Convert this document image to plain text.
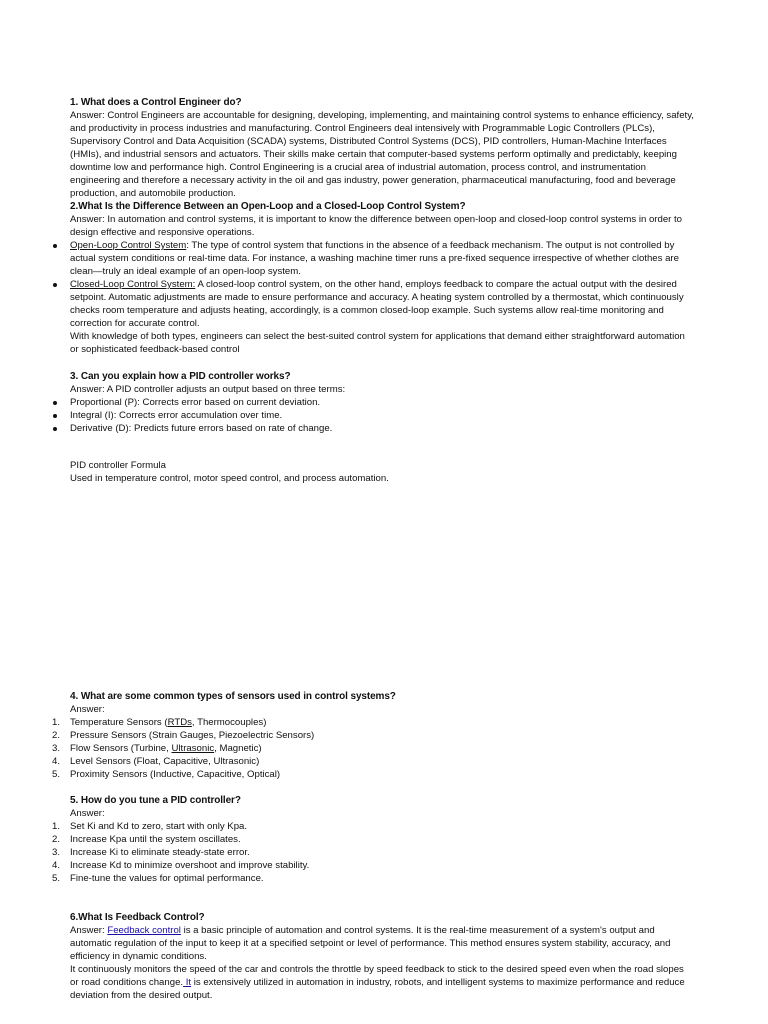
1. What does a Control Engineer do?

Answer: Control Engineers are accountable for designing, developing, implementing, and maintaining control systems to enhance efficiency, safety, and productivity in process industries and manufacturing. Control Engineers deal intensively with Programmable Logic Controllers (PLCs), Supervisory Control and Data Acquisition (SCADA) systems, Distributed Control Systems (DCS), PID controllers, Human-Machine Interfaces (HMIs), and industrial sensors and actuators. Their skills make certain that computer-based systems perform optimally and predictably, keeping downtime low and performance high. Control Engineering is a crucial area of industrial automation, process control, and instrumentation engineering and therefore a necessary activity in the oil and gas industry, power generation, pharmaceutical manufacturing, food and beverage production, and automobile production.

2.What Is the Difference Between an Open-Loop and a Closed-Loop Control System?

Answer: In automation and control systems, it is important to know the difference between open-loop and closed-loop control systems in order to design effective and responsive operations.

Open-Loop Control System: The type of control system that functions in the absence of a feedback mechanism. The output is not controlled by actual system conditions or real-time data. For instance, a washing machine timer runs a pre-fixed sequence irrespective of whether clothes are clean—truly an ideal example of an open-loop system.
Closed-Loop Control System: A closed-loop control system, on the other hand, employs feedback to compare the actual output with the desired setpoint. Automatic adjustments are made to ensure performance and accuracy. A heating system controlled by a thermostat, which continuously checks room temperature and adjusts heating, accordingly, is a common closed-loop example. Such systems allow real-time monitoring and correction for accurate control.

With knowledge of both types, engineers can select the best-suited control system for applications that demand either straightforward automation or sophisticated feedback-based control

3. Can you explain how a PID controller works?

Answer: A PID controller adjusts an output based on three terms:

Proportional (P): Corrects error based on current deviation.
Integral (I): Corrects error accumulation over time.
Derivative (D): Predicts future errors based on rate of change.

PID controller Formula

Used in temperature control, motor speed control, and process automation.

4. What are some common types of sensors used in control systems?

Answer:

1. Temperature Sensors (RTDs, Thermocouples)
2. Pressure Sensors (Strain Gauges, Piezoelectric Sensors)
3. Flow Sensors (Turbine, Ultrasonic, Magnetic)
4. Level Sensors (Float, Capacitive, Ultrasonic)
5. Proximity Sensors (Inductive, Capacitive, Optical)

5. How do you tune a PID controller?

Answer:

1. Set Ki and Kd to zero, start with only Kpa.
2. Increase Kpa until the system oscillates.
3. Increase Ki to eliminate steady-state error.
4. Increase Kd to minimize overshoot and improve stability.
5. Fine-tune the values for optimal performance.

6.What Is Feedback Control?

Answer: Feedback control is a basic principle of automation and control systems. It is the real-time measurement of a system's output and automatic regulation of the input to keep it at a specified setpoint or level of performance. This method ensures system stability, accuracy, and efficiency in dynamic conditions.

It continuously monitors the speed of the car and controls the throttle by speed feedback to stick to the desired speed even when the road slopes or road conditions change. It is extensively utilized in automation in industry, robots, and intelligent systems to maximize performance and reduce deviation from the desired output.
